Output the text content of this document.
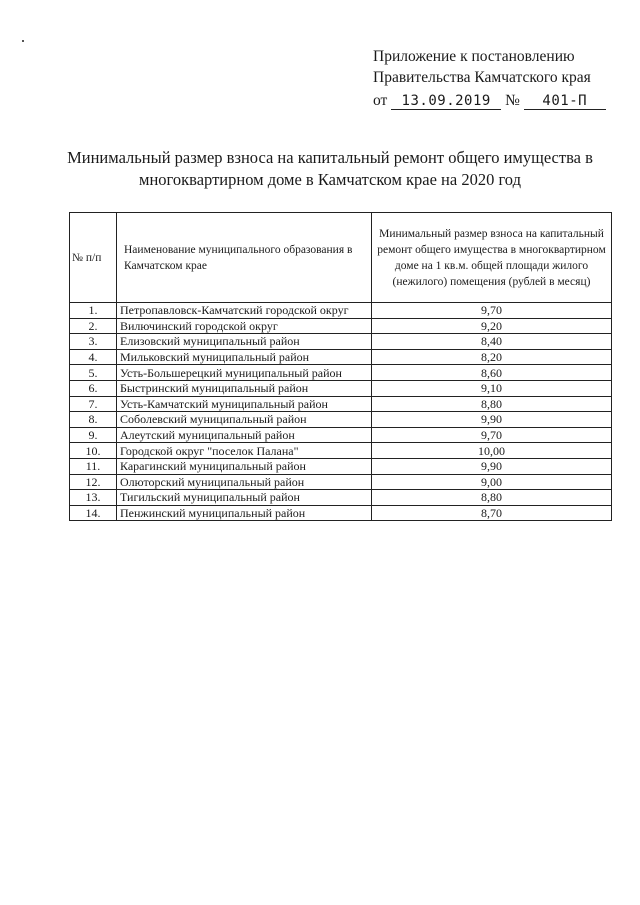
Приложение к постановлению
Правительства Камчатского края
от 13.09.2019 № 401-П
Минимальный размер взноса на капитальный ремонт общего имущества в
многоквартирном доме в Камчатском крае на 2020 год
№ п/п	Наименование муниципального образования в Камчатском крае	Минимальный размер взноса на капитальный ремонт общего имущества в многоквартирном доме на 1 кв.м. общей площади жилого (нежилого) помещения (рублей в месяц)
1.	Петропавловск-Камчатский городской округ	9,70
2.	Вилючинский городской округ	9,20
3.	Елизовский муниципальный район	8,40
4.	Мильковский муниципальный район	8,20
5.	Усть-Большерецкий муниципальный район	8,60
6.	Быстринский муниципальный район	9,10
7.	Усть-Камчатский муниципальный район	8,80
8.	Соболевский муниципальный район	9,90
9.	Алеутский муниципальный район	9,70
10.	Городской округ "поселок Палана"	10,00
11.	Карагинский муниципальный район	9,90
12.	Олюторский муниципальный район	9,00
13.	Тигильский муниципальный район	8,80
14.	Пенжинский муниципальный район	8,70
